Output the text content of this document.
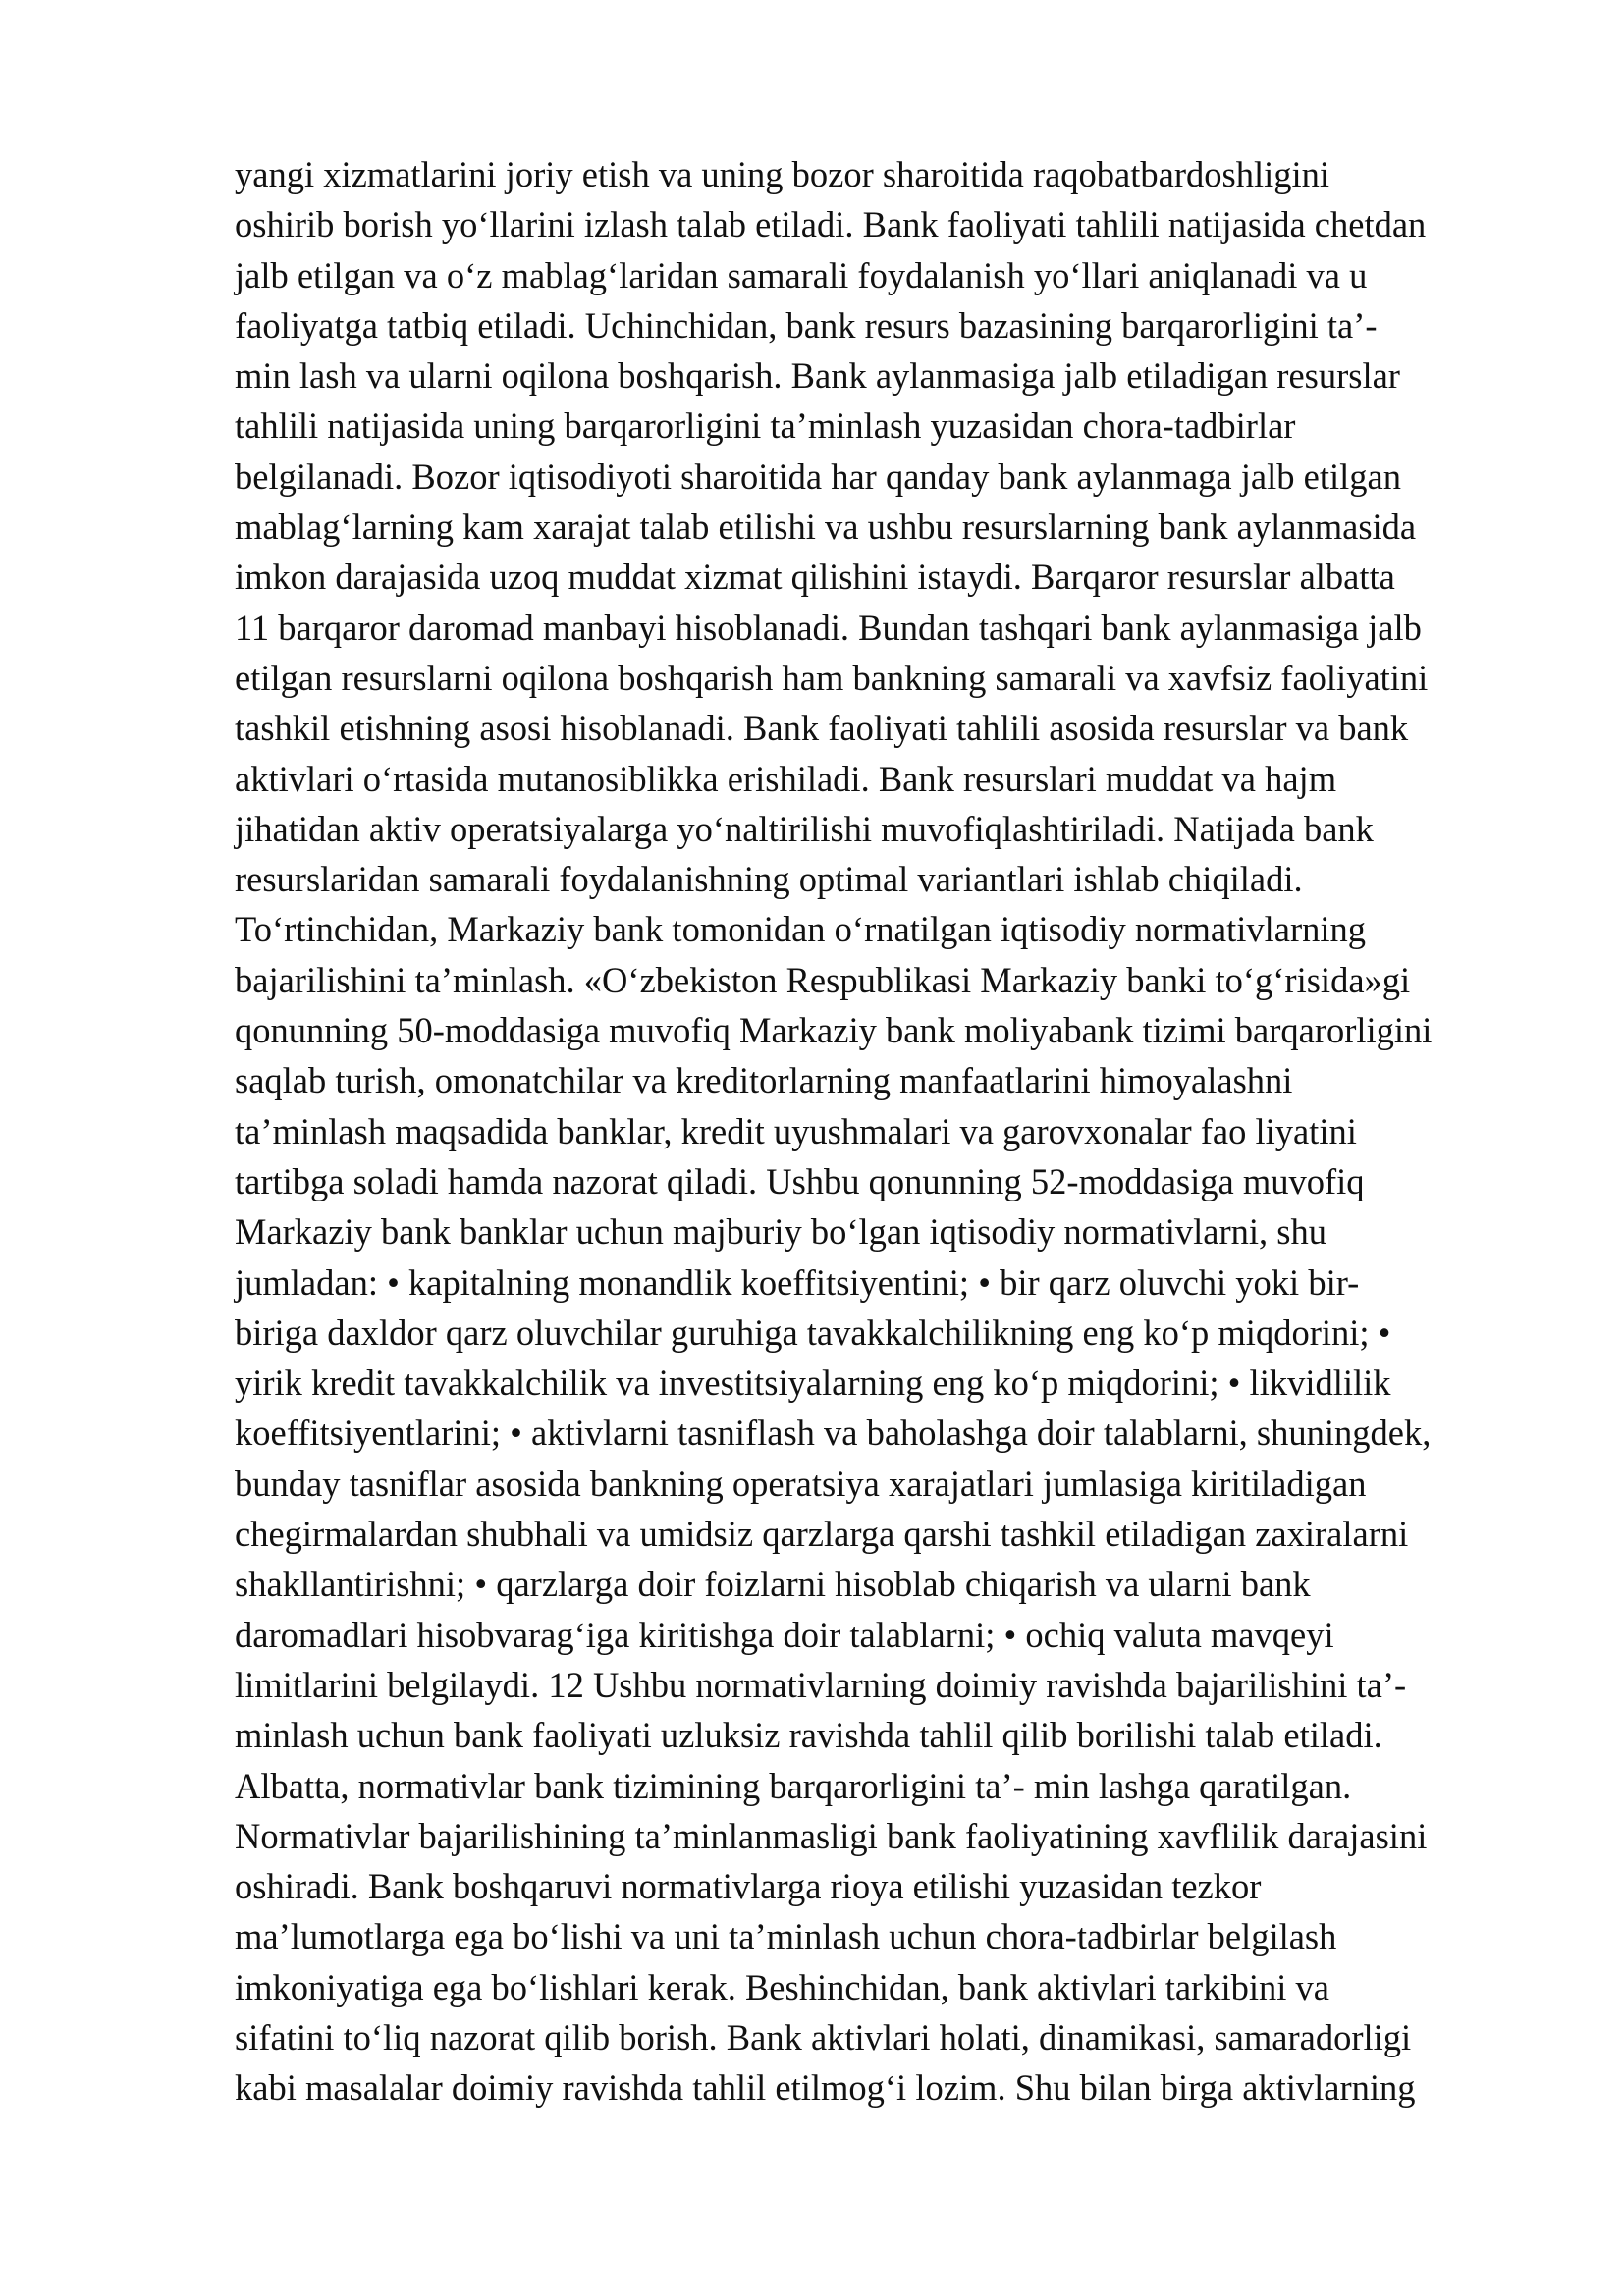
yangi xizmatlarini joriy etish va uning bozor sharoitida raqobatbardoshligini
oshirib borish yo‘llarini izlash talab etiladi. Bank faoliyati tahlili natijasida chetdan
jalb etilgan va o‘z mablag‘laridan samarali foydalanish yo‘llari aniqlanadi va u
faoliyatga tatbiq etiladi. Uchinchidan, bank resurs bazasining barqarorligini ta’-
min lash va ularni oqilona boshqarish. Bank aylanmasiga jalb etiladigan resurslar
tahlili natijasida uning barqarorligini ta’minlash yuzasidan chora-tadbirlar
belgilanadi. Bozor iqtisodiyoti sharoitida har qanday bank aylanmaga jalb etilgan
mablag‘larning kam xarajat talab etilishi va ushbu resurslarning bank aylanmasida
imkon darajasida uzoq muddat xizmat qilishini istaydi. Barqaror resurslar albatta
11 barqaror daromad manbayi hisoblanadi. Bundan tashqari bank aylanmasiga jalb
etilgan resurslarni oqilona boshqarish ham bankning samarali va xavfsiz faoliyatini
tashkil etishning asosi hisoblanadi. Bank faoliyati tahlili asosida resurslar va bank
aktivlari o‘rtasida mutanosiblikka erishiladi. Bank resurslari muddat va hajm
jihatidan aktiv operatsiyalarga yo‘naltirilishi muvofiqlashtiriladi. Natijada bank
resurslaridan samarali foydalanishning optimal variantlari ishlab chiqiladi.
To‘rtinchidan, Markaziy bank tomonidan o‘rnatilgan iqtisodiy normativlarning
bajarilishini ta’minlash. «O‘zbekiston Respublikasi Markaziy banki to‘g‘risida»gi
qonunning 50-moddasiga muvofiq Markaziy bank moliyabank tizimi barqarorligini
saqlab turish, omonatchilar va kreditorlarning manfaatlarini himoyalashni
ta’minlash maqsadida banklar, kredit uyushmalari va garovxonalar fao liyatini
tartibga soladi hamda nazorat qiladi. Ushbu qonunning 52-moddasiga muvofiq
Markaziy bank banklar uchun majburiy bo‘lgan iqtisodiy normativlarni, shu
jumladan: • kapitalning monandlik koeffitsiyentini; • bir qarz oluvchi yoki bir-
biriga daxldor qarz oluvchilar guruhiga tavakkalchilikning eng ko‘p miqdorini; •
yirik kredit tavakkalchilik va investitsiyalarning eng ko‘p miqdorini; • likvidlilik
koeffitsiyentlarini; • aktivlarni tasniflash va baholashga doir talablarni, shuningdek,
bunday tasniflar asosida bankning operatsiya xarajatlari jumlasiga kiritiladigan
chegirmalardan shubhali va umidsiz qarzlarga qarshi tashkil etiladigan zaxiralarni
shakllantirishni; • qarzlarga doir foizlarni hisoblab chiqarish va ularni bank
daromadlari hisobvarag‘iga kiritishga doir talablarni; • ochiq valuta mavqeyi
limitlarini belgilaydi. 12 Ushbu normativlarning doimiy ravishda bajarilishini ta’-
minlash uchun bank faoliyati uzluksiz ravishda tahlil qilib borilishi talab etiladi.
Albatta, normativlar bank tizimining barqarorligini ta’- min lashga qaratilgan.
Normativlar bajarilishining ta’minlanmasligi bank faoliyatining xavflilik darajasini
oshiradi. Bank boshqaruvi normativlarga rioya etilishi yuzasidan tezkor
ma’lumotlarga ega bo‘lishi va uni ta’minlash uchun chora-tadbirlar belgilash
imkoniyatiga ega bo‘lishlari kerak. Beshinchidan, bank aktivlari tarkibini va
sifatini to‘liq nazorat qilib borish. Bank aktivlari holati, dinamikasi, samaradorligi
kabi masalalar doimiy ravishda tahlil etilmog‘i lozim. Shu bilan birga aktivlarning
